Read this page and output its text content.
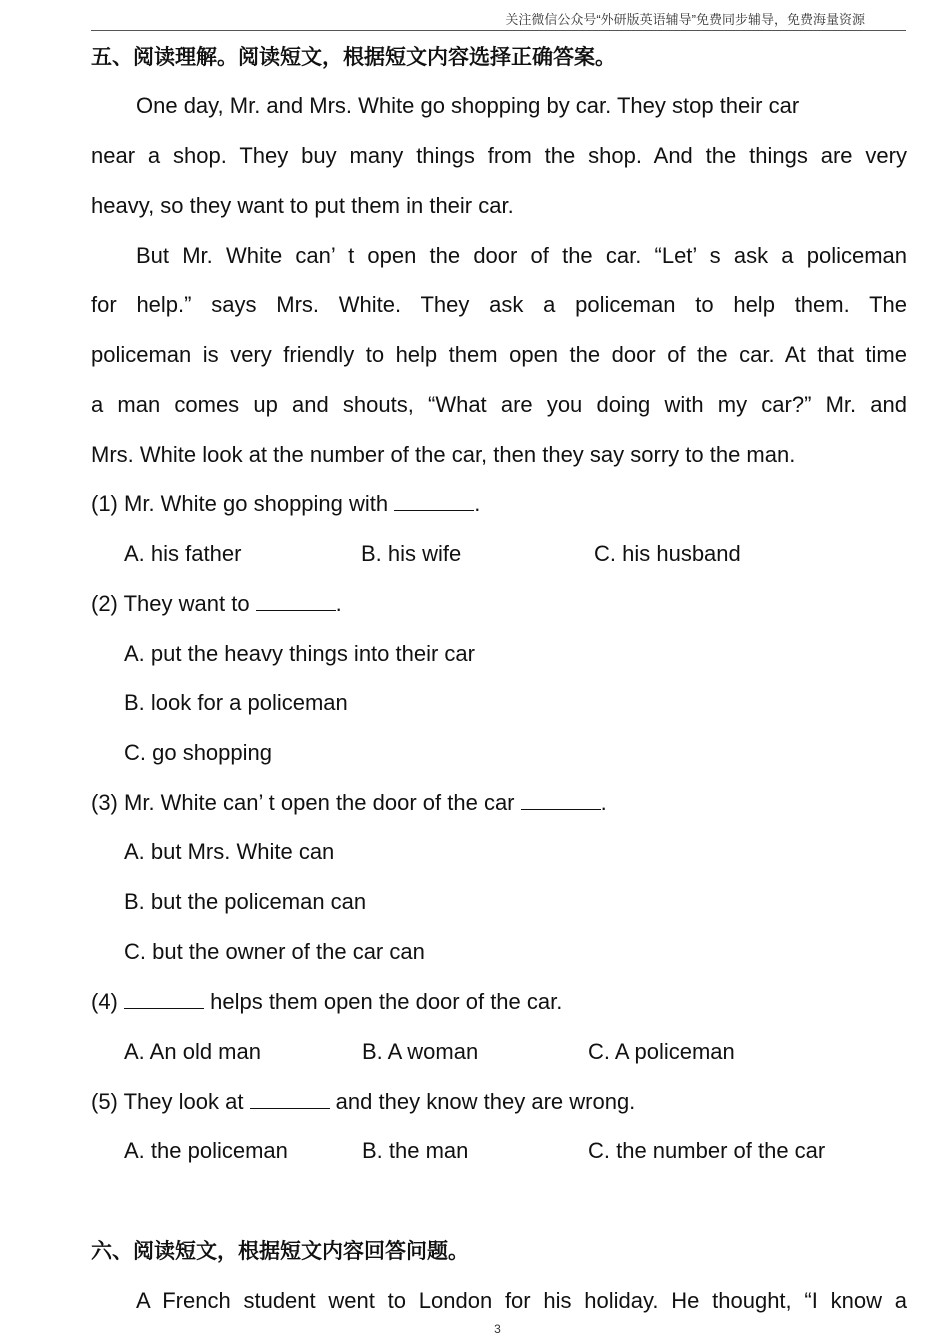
关注微信公众号“外研版英语辅导”免费同步辅导，免费海量资源
五、阅读理解。阅读短文，根据短文内容选择正确答案。
One day, Mr. and Mrs. White go shopping by car. They stop their car
near a shop. They buy many things from the shop. And the things are very
heavy, so they want to put them in their car.
But Mr. White can’ t open the door of the car. “Let’ s ask a policeman
for help.” says Mrs. White. They ask a policeman to help them. The
policeman is very friendly to help them open the door of the car. At that time
a man comes up and shouts, “What are you doing with my car?” Mr. and
Mrs. White look at the number of the car, then they say sorry to the man.
(1) Mr. White go shopping with	.
A. his father	B. his wife	C. his husband
(2) They want to	.
A. put the heavy things into their car
B. look for a policeman
C. go shopping
(3) Mr. White can’ t open the door of the car	.
A. but Mrs. White can
B. but the policeman can
C. but the owner of the car can
(4)	helps them open the door of the car.
A. An old man	B. A woman	C. A policeman
(5) They look at	and they know they are wrong.
A. the policeman	B. the man	C. the number of the car
六、阅读短文，根据短文内容回答问题。
A French student went to London for his holiday. He thought, “I know a
3
